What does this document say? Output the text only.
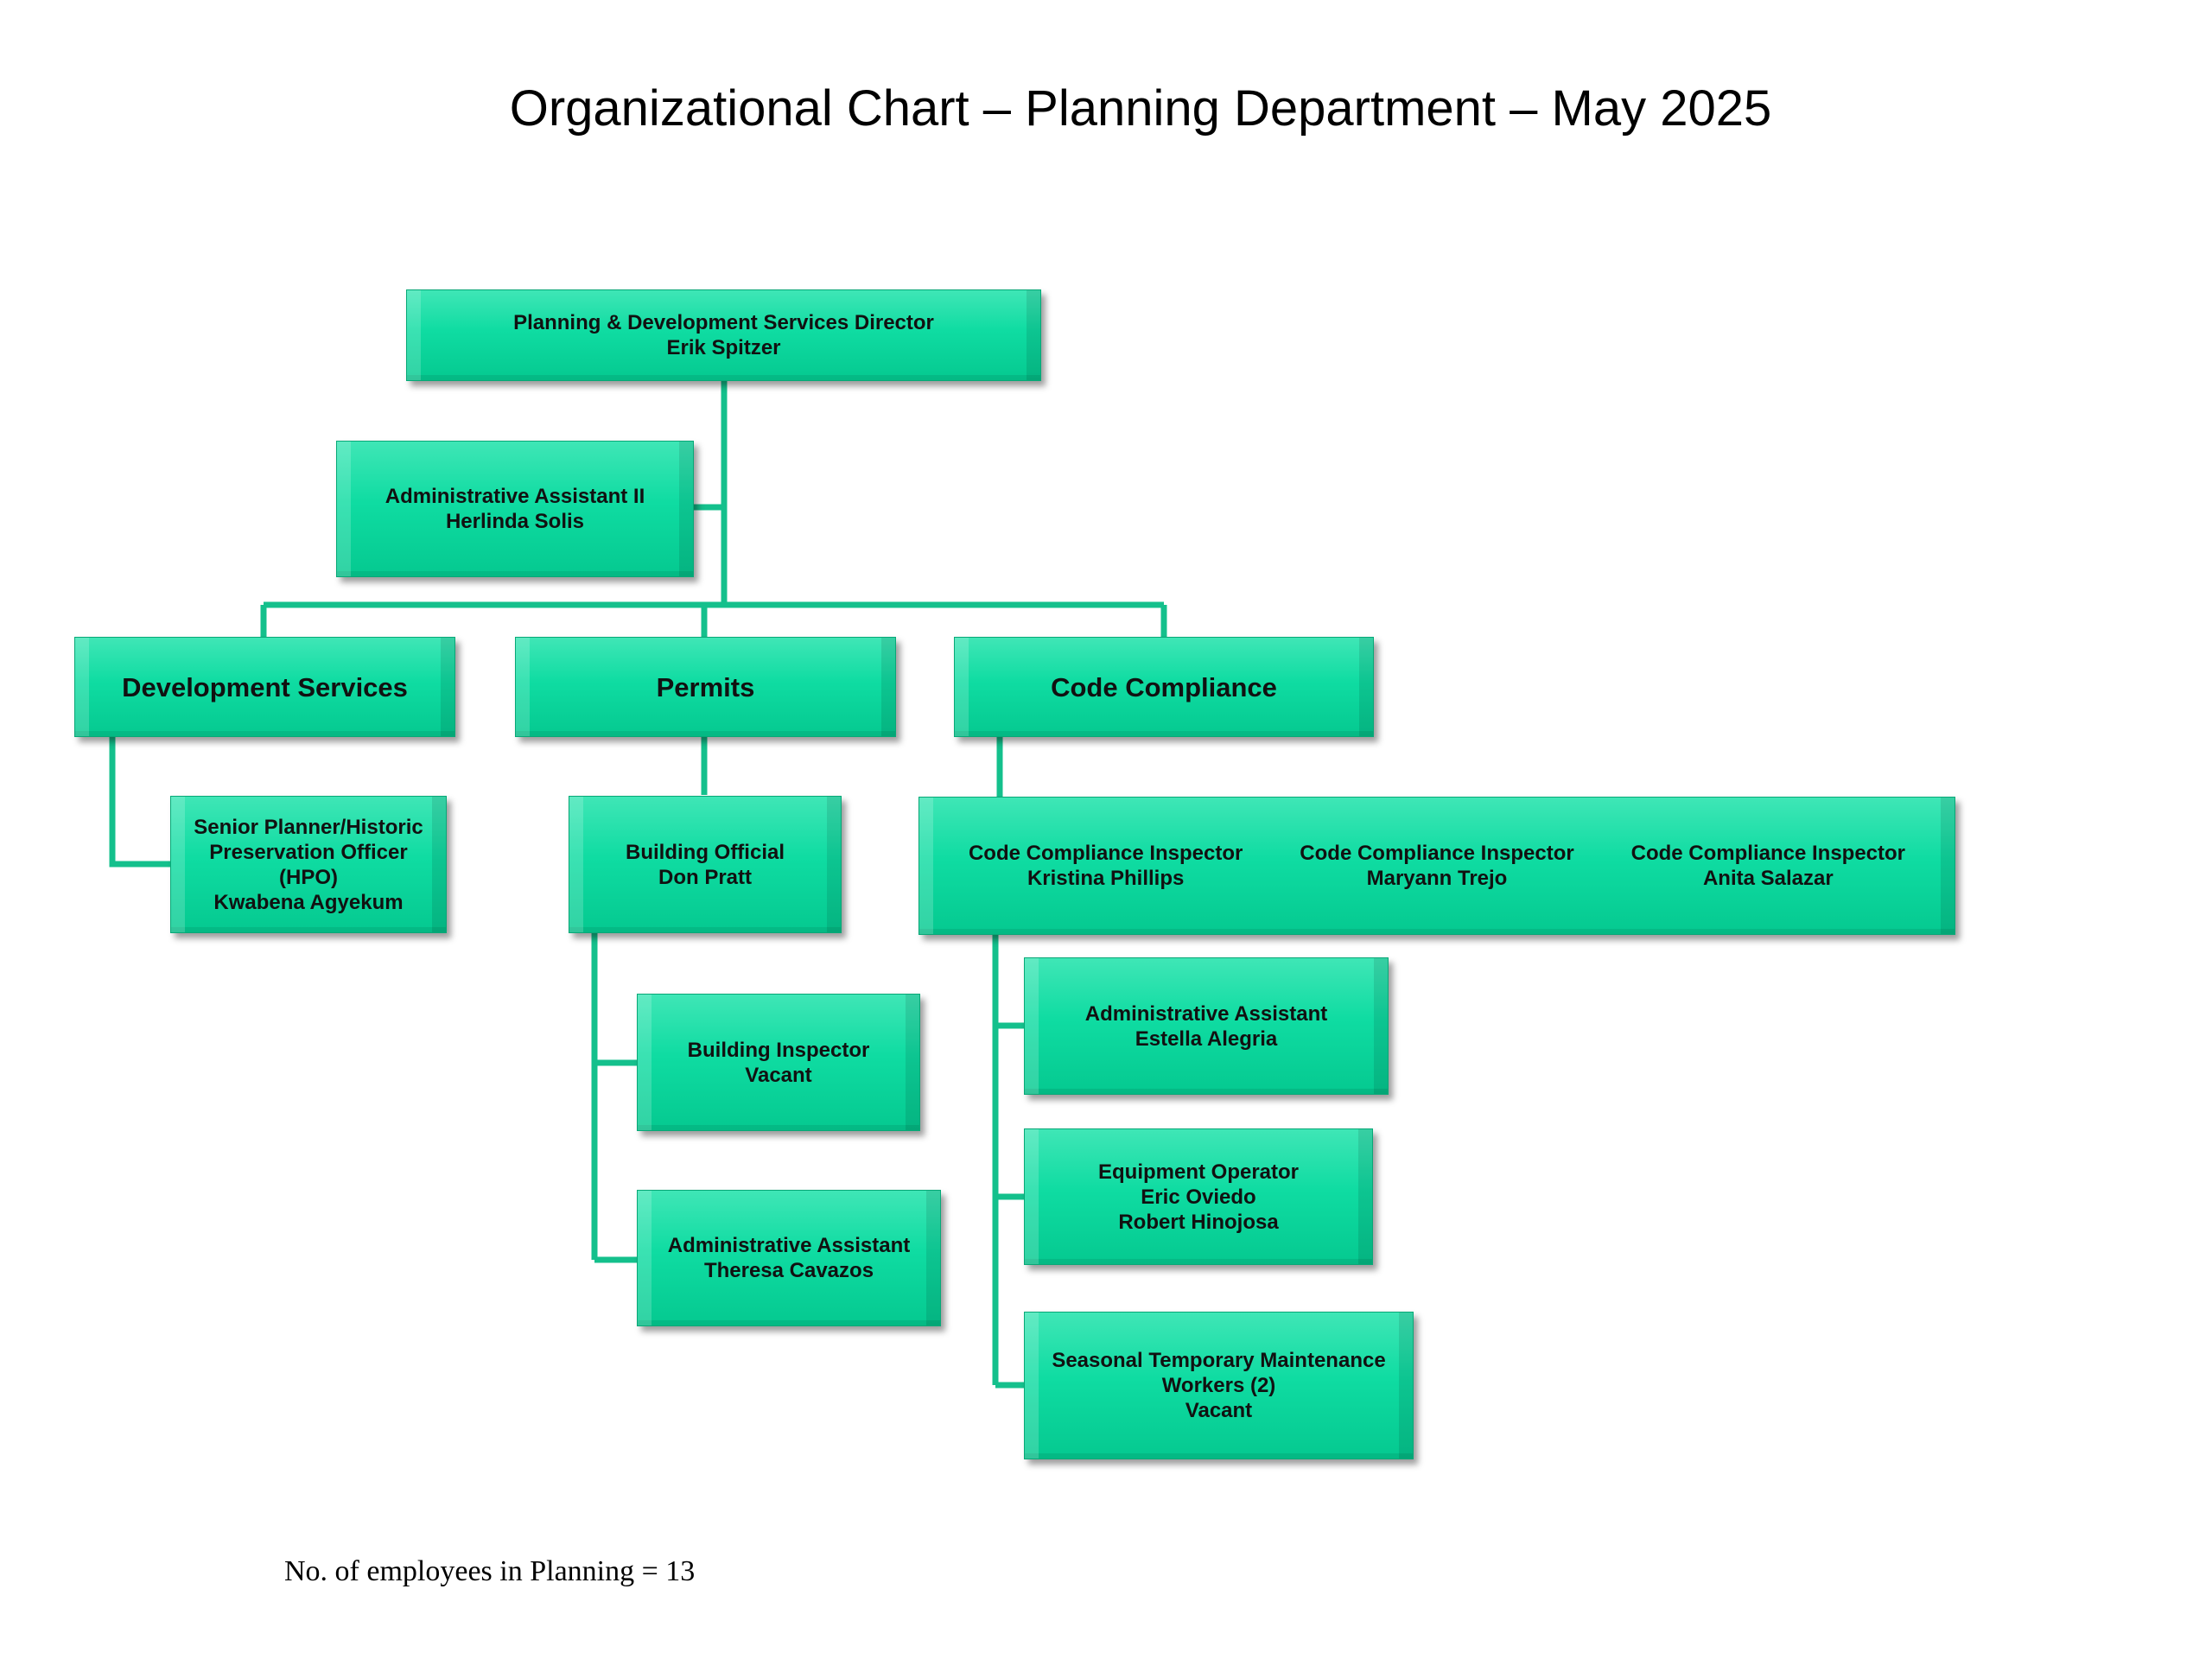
Organizational Chart – Planning Department – May 2025
Planning & Development Services Director
Erik Spitzer
Administrative Assistant II
Herlinda Solis
Development Services	Permits	Code Compliance
Senior Planner/Historic
Preservation Officer
(HPO)
Kwabena Agyekum
Building Official
Don Pratt
Building Inspector
Vacant
Administrative Assistant
Theresa Cavazos
Code Compliance Inspector
Kristina Phillips
Code Compliance Inspector
Maryann Trejo
Code Compliance Inspector
Anita Salazar
Administrative Assistant
Estella Alegria
Equipment Operator
Eric Oviedo
Robert Hinojosa
Seasonal Temporary Maintenance
Workers (2)
Vacant
No. of employees in Planning = 13
